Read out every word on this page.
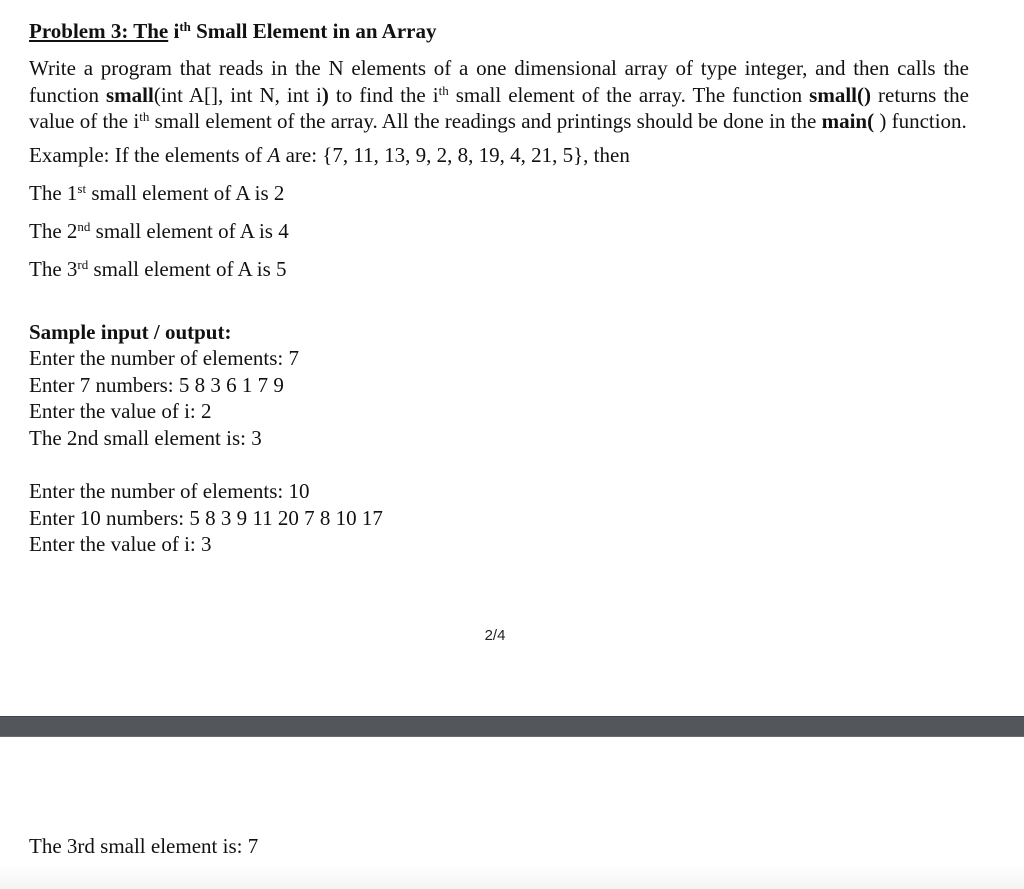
Problem 3: The $i^{th}$ Small Element in an Array

Write a program that reads in the N elements of a one dimensional array of type integer, and then calls the function small(int A[], int N, int i) to find the $i^{th}$ small element of the array. The function small() returns the value of the $i^{th}$ small element of the array. All the readings and printings should be done in the main( ) function.

Example: If the elements of A are: {7, 11, 13, 9, 2, 8, 19, 4, 21, 5}, then

The 1st small element of A is 2

The 2nd small element of A is 4

The 3rd small element of A is 5

Sample input / output:

Enter the number of elements: 7

Enter 7 numbers: 5 8 3 6 1 7 9

Enter the value of i: 2

The 2nd small element is: 3

Enter the number of elements: 10

Enter 10 numbers: 5 8 3 9 11 20 7 8 10 17

Enter the value of i: 3

2/4

The 3rd small element is: 7
